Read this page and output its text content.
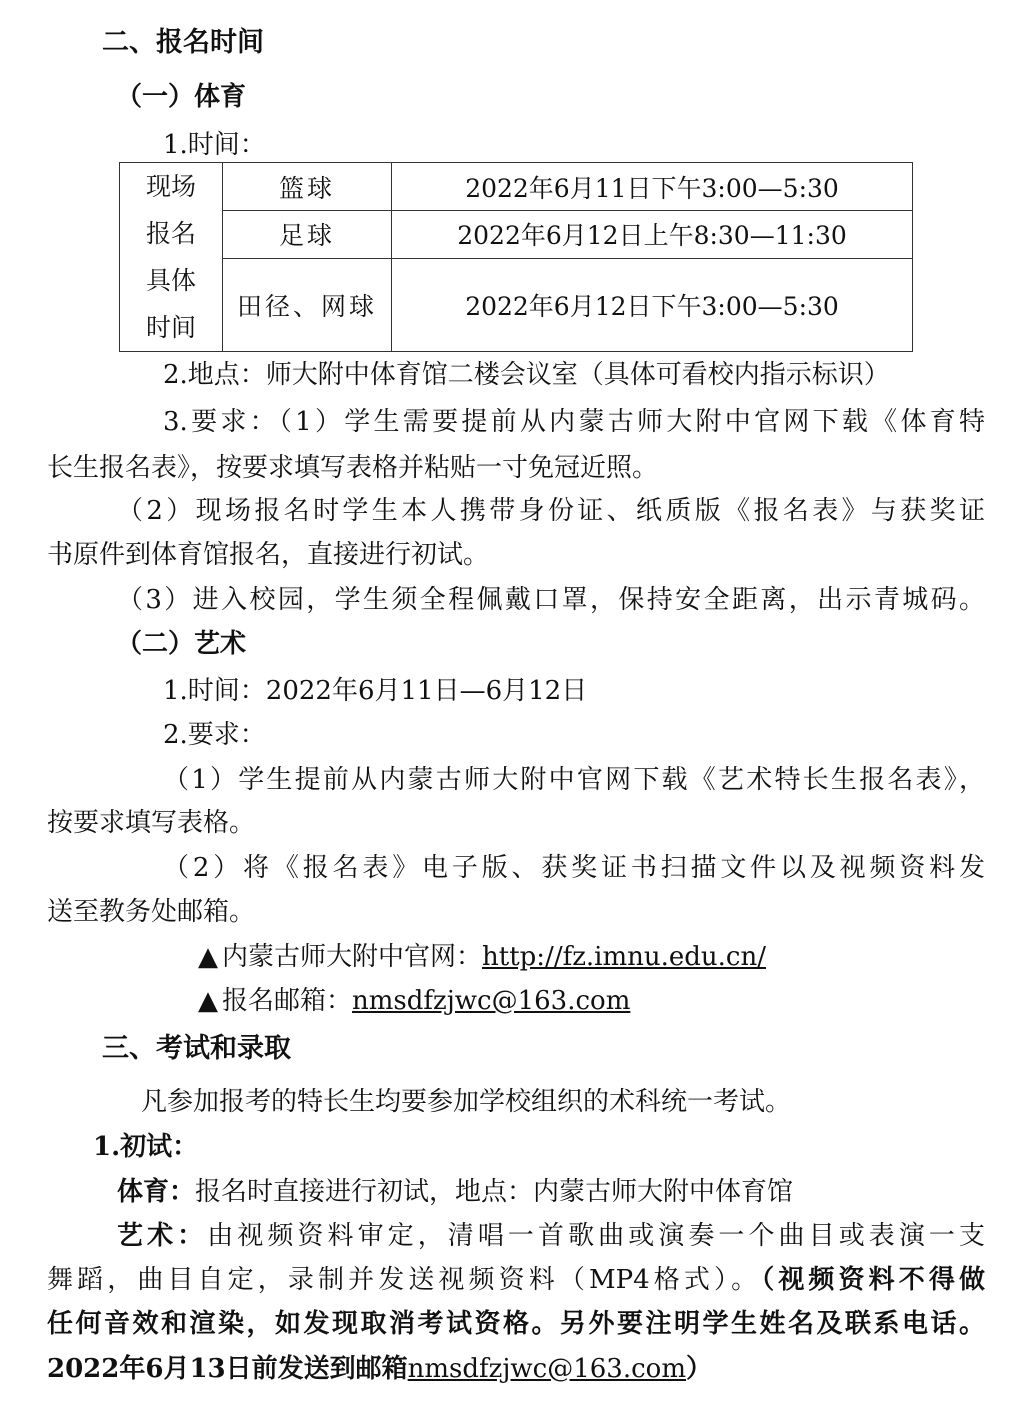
二、报名时间
（一）体育
1.时间：
现场
报名
具体
时间	篮球	2022年6月11日下午3:00—5:30
	足球	2022年6月12日上午8:30—11:30
	田径、网球	2022年6月12日下午3:00—5:30
2.地点：师大附中体育馆二楼会议室（具体可看校内指示标识）
3.要求：（1）学生需要提前从内蒙古师大附中官网下载《体育特
长生报名表》，按要求填写表格并粘贴一寸免冠近照。
（2）现场报名时学生本人携带身份证、纸质版《报名表》与获奖证
书原件到体育馆报名，直接进行初试。
（3）进入校园，学生须全程佩戴口罩，保持安全距离，出示青城码。
（二）艺术
1.时间：2022年6月11日—6月12日
2.要求：
（1）学生提前从内蒙古师大附中官网下载《艺术特长生报名表》，
按要求填写表格。
（2）将《报名表》电子版、获奖证书扫描文件以及视频资料发
送至教务处邮箱。
▲ 内蒙古师大附中官网：http://fz.imnu.edu.cn/
▲ 报名邮箱：nmsdfzjwc@163.com
三、考试和录取
凡参加报考的特长生均要参加学校组织的术科统一考试。
1.初试：
体育：报名时直接进行初试，地点：内蒙古师大附中体育馆
艺术：由视频资料审定，清唱一首歌曲或演奏一个曲目或表演一支
舞蹈，曲目自定，录制并发送视频资料（MP4格式）。（视频资料不得做
任何音效和渲染，如发现取消考试资格。另外要注明学生姓名及联系电话。
2022年6月13日前发送到邮箱nmsdfzjwc@163.com）
